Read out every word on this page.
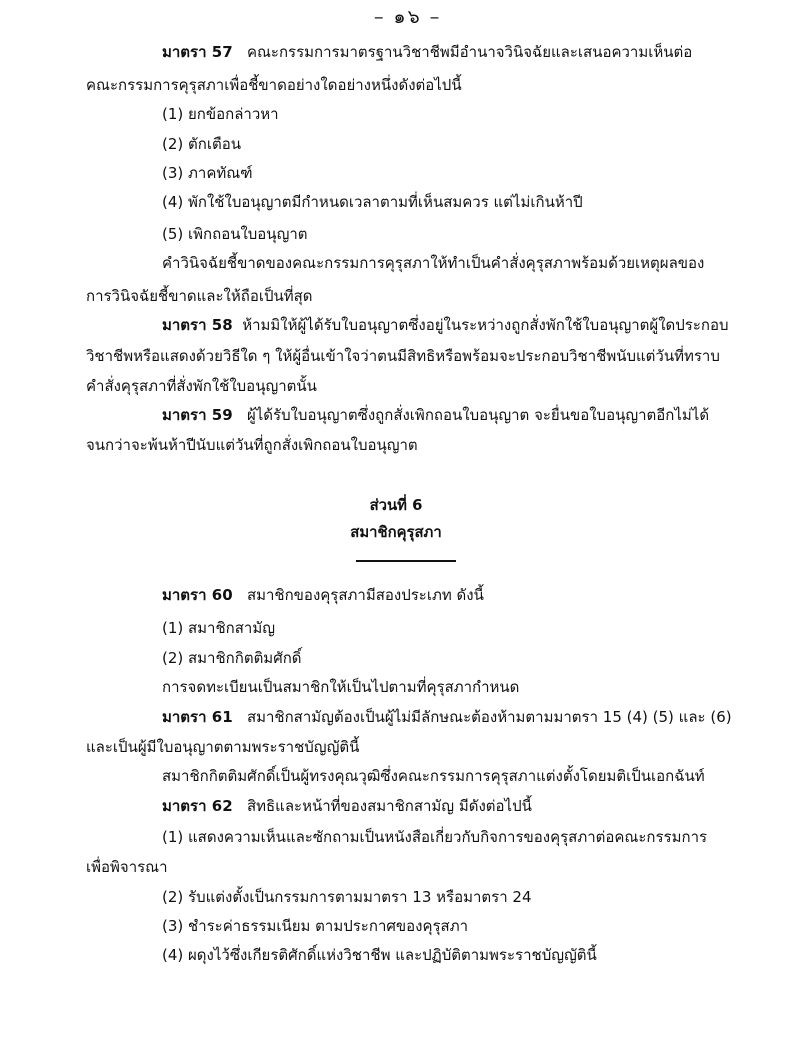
– ๑๖ –
มาตรา 57 คณะกรรมการมาตรฐานวิชาชีพมีอำนาจวินิจฉัยและเสนอความเห็นต่อ
คณะกรรมการคุรุสภาเพื่อชี้ขาดอย่างใดอย่างหนึ่งดังต่อไปนี้
(1) ยกข้อกล่าวหา
(2) ตักเตือน
(3) ภาคทัณฑ์
(4) พักใช้ใบอนุญาตมีกำหนดเวลาตามที่เห็นสมควร แต่ไม่เกินห้าปี
(5) เพิกถอนใบอนุญาต
คำวินิจฉัยชี้ขาดของคณะกรรมการคุรุสภาให้ทำเป็นคำสั่งคุรุสภาพร้อมด้วยเหตุผลของ
การวินิจฉัยชี้ขาดและให้ถือเป็นที่สุด
มาตรา 58 ห้ามมิให้ผู้ได้รับใบอนุญาตซึ่งอยู่ในระหว่างถูกสั่งพักใช้ใบอนุญาตผู้ใดประกอบ
วิชาชีพหรือแสดงด้วยวิธีใด ๆ ให้ผู้อื่นเข้าใจว่าตนมีสิทธิหรือพร้อมจะประกอบวิชาชีพนับแต่วันที่ทราบ
คำสั่งคุรุสภาที่สั่งพักใช้ใบอนุญาตนั้น
มาตรา 59 ผู้ได้รับใบอนุญาตซึ่งถูกสั่งเพิกถอนใบอนุญาต จะยื่นขอใบอนุญาตอีกไม่ได้
จนกว่าจะพ้นห้าปีนับแต่วันที่ถูกสั่งเพิกถอนใบอนุญาต
ส่วนที่ 6
สมาชิกคุรุสภา
มาตรา 60 สมาชิกของคุรุสภามีสองประเภท ดังนี้
(1) สมาชิกสามัญ
(2) สมาชิกกิตติมศักดิ์
การจดทะเบียนเป็นสมาชิกให้เป็นไปตามที่คุรุสภากำหนด
มาตรา 61 สมาชิกสามัญต้องเป็นผู้ไม่มีลักษณะต้องห้ามตามมาตรา 15 (4) (5) และ (6)
และเป็นผู้มีใบอนุญาตตามพระราชบัญญัตินี้
สมาชิกกิตติมศักดิ์เป็นผู้ทรงคุณวุฒิซึ่งคณะกรรมการคุรุสภาแต่งตั้งโดยมติเป็นเอกฉันท์
มาตรา 62 สิทธิและหน้าที่ของสมาชิกสามัญ มีดังต่อไปนี้
(1) แสดงความเห็นและซักถามเป็นหนังสือเกี่ยวกับกิจการของคุรุสภาต่อคณะกรรมการ
เพื่อพิจารณา
(2) รับแต่งตั้งเป็นกรรมการตามมาตรา 13 หรือมาตรา 24
(3) ชำระค่าธรรมเนียม ตามประกาศของคุรุสภา
(4) ผดุงไว้ซึ่งเกียรติศักดิ์แห่งวิชาชีพ และปฏิบัติตามพระราชบัญญัตินี้
